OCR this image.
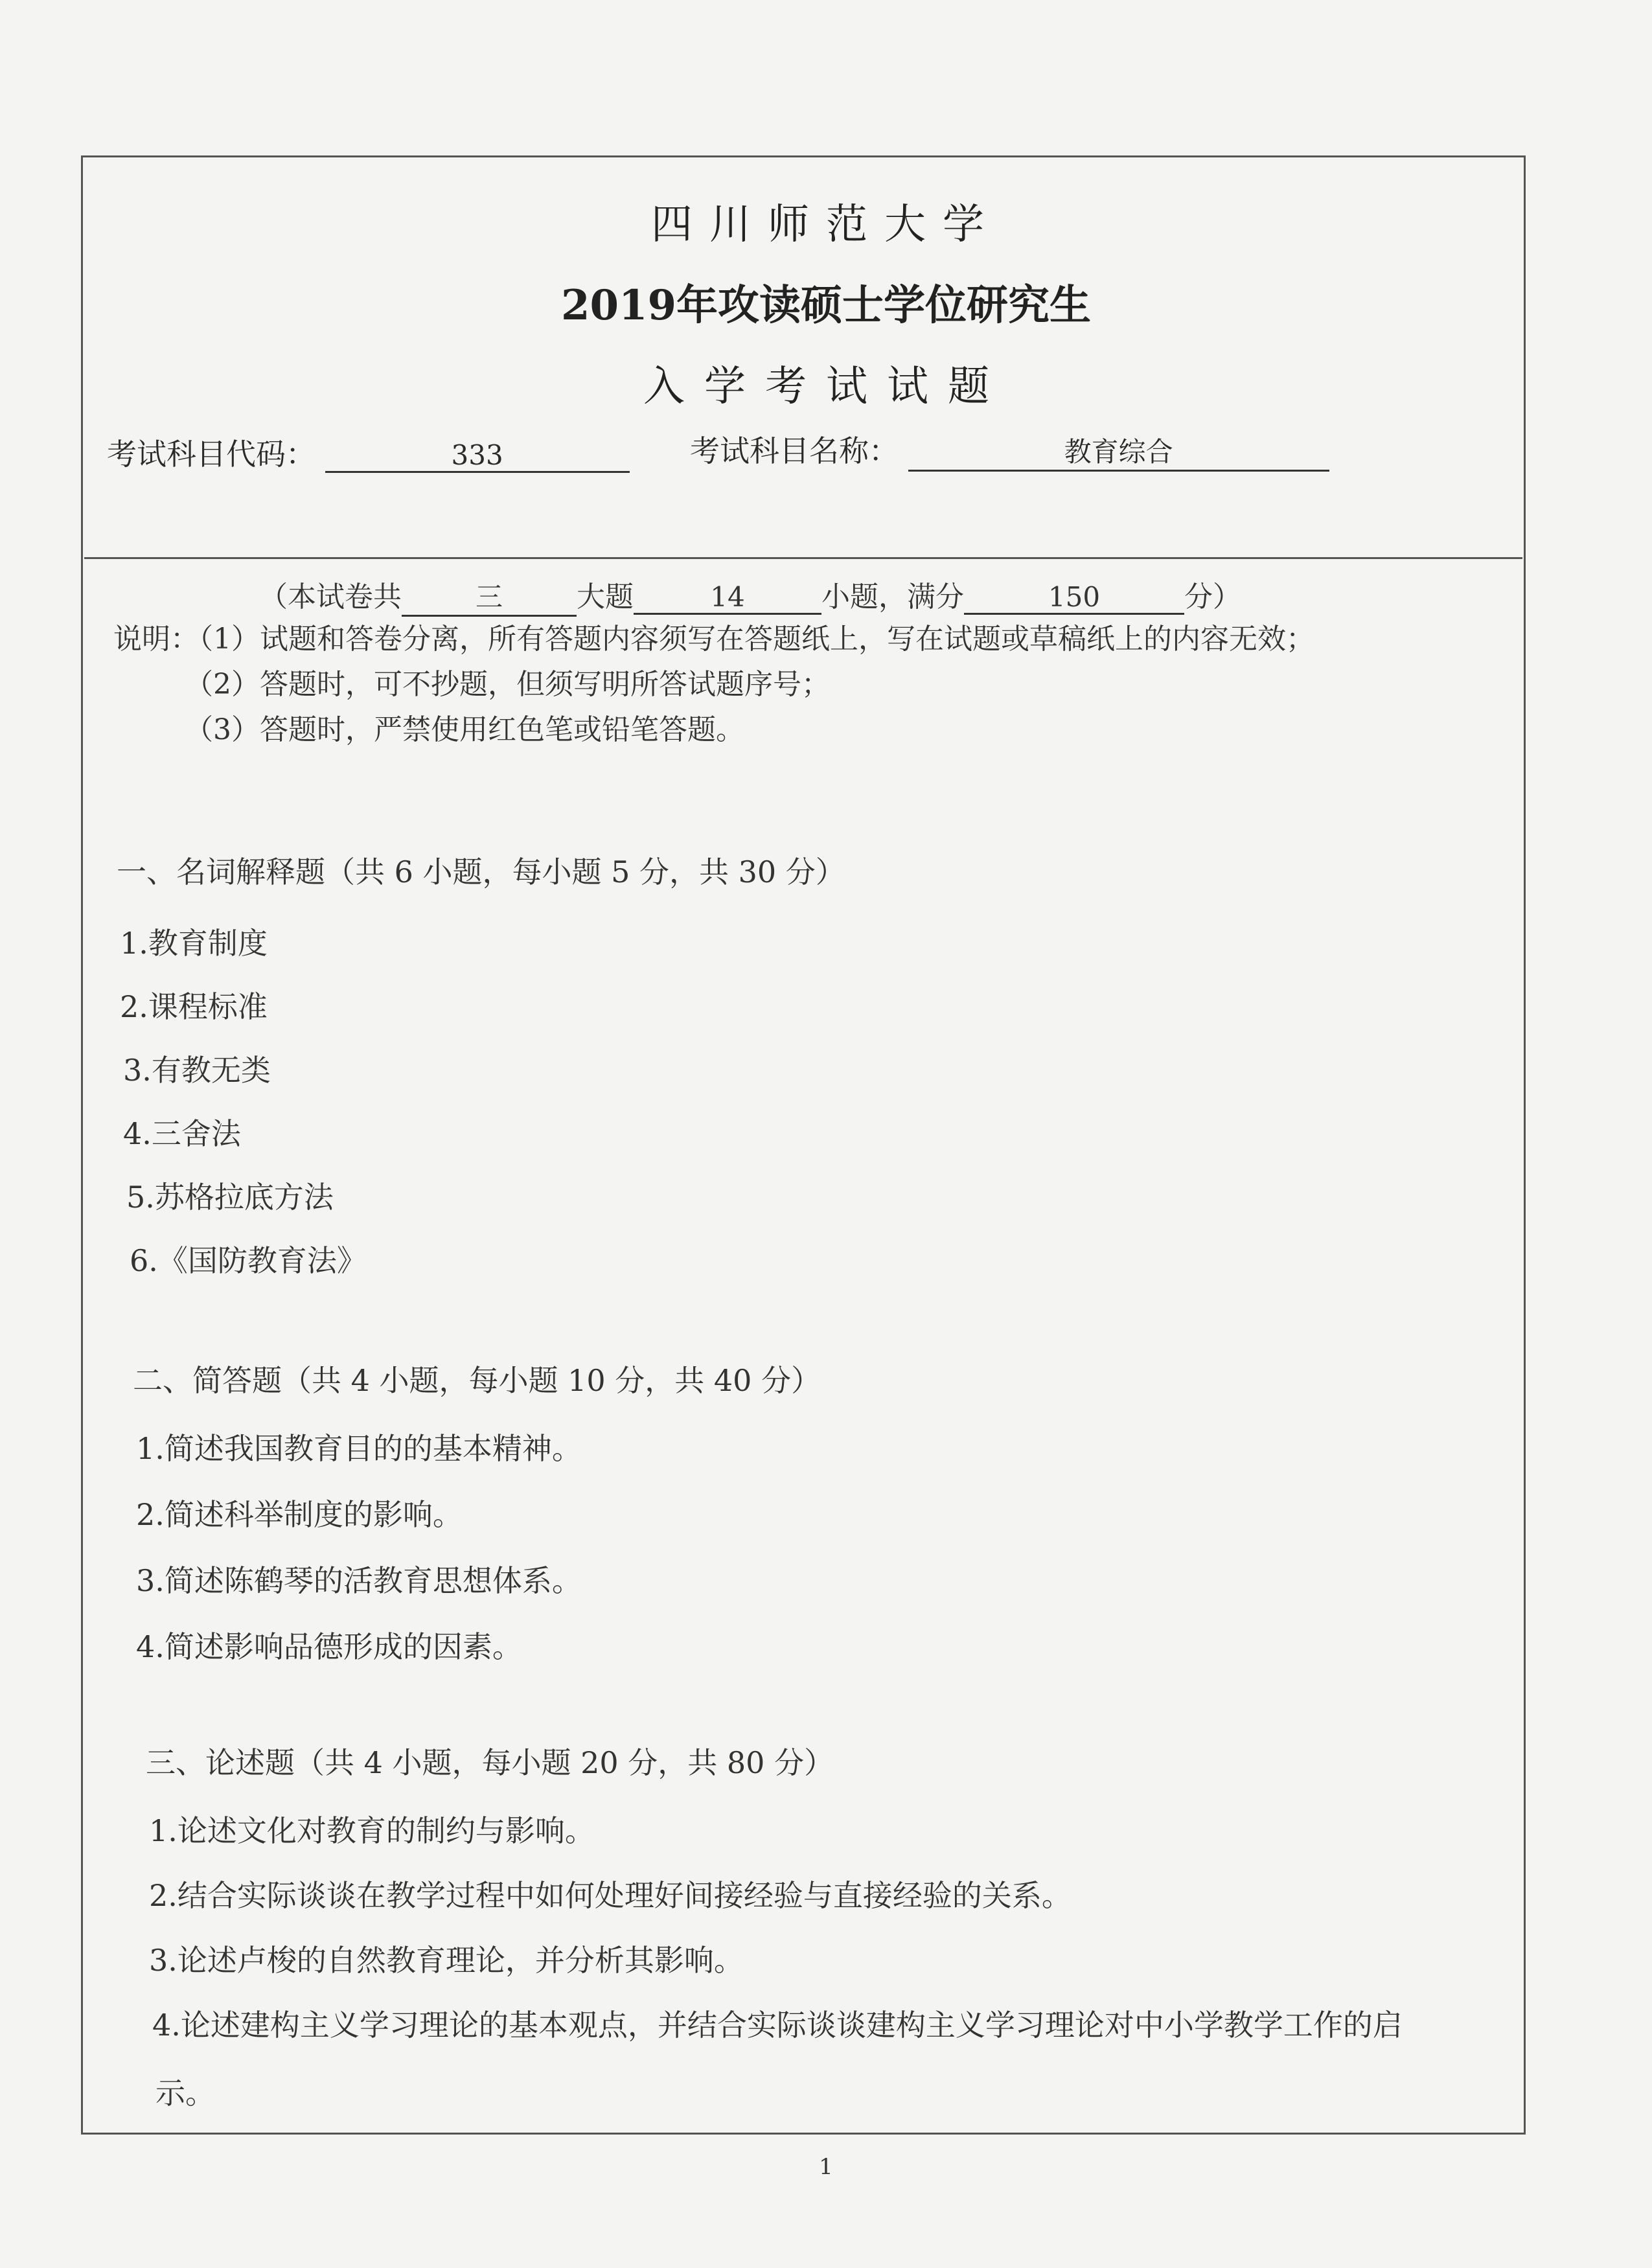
四川师范大学
2019年攻读硕士学位研究生
入学考试试题
考试科目代码：	333	考试科目名称：	教育综合
（本试卷共	三	大题	14	小题，满分	150	分）
说明：（1）试题和答卷分离，所有答题内容须写在答题纸上，写在试题或草稿纸上的内容无效；
（2）答题时，可不抄题，但须写明所答试题序号；
（3）答题时，严禁使用红色笔或铅笔答题。
一、名词解释题（共 6 小题，每小题 5 分，共 30 分）
1.教育制度
2.课程标准
3.有教无类
4.三舍法
5.苏格拉底方法
6.《国防教育法》
二、简答题（共 4 小题，每小题 10 分，共 40 分）
1.简述我国教育目的的基本精神。
2.简述科举制度的影响。
3.简述陈鹤琴的活教育思想体系。
4.简述影响品德形成的因素。
三、论述题（共 4 小题，每小题 20 分，共 80 分）
1.论述文化对教育的制约与影响。
2.结合实际谈谈在教学过程中如何处理好间接经验与直接经验的关系。
3.论述卢梭的自然教育理论，并分析其影响。
4.论述建构主义学习理论的基本观点，并结合实际谈谈建构主义学习理论对中小学教学工作的启
示。
1
